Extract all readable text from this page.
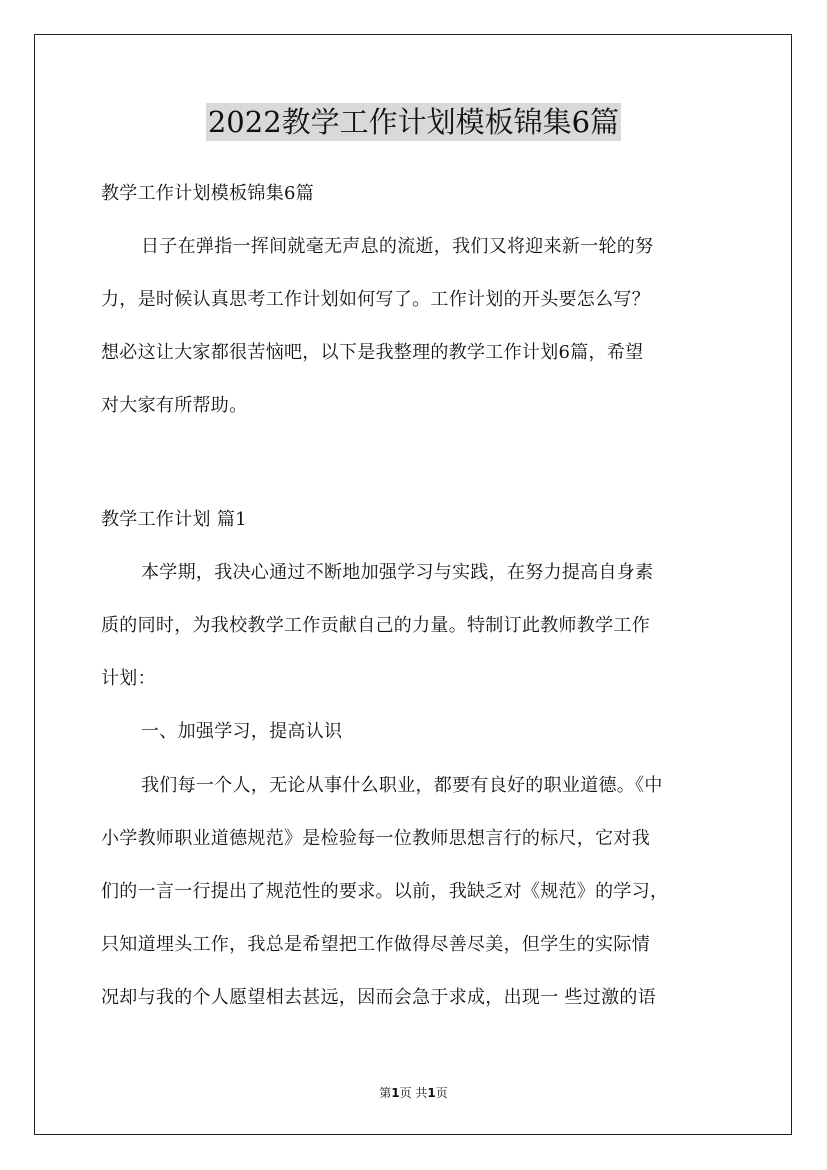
2022教学工作计划模板锦集6篇
教学工作计划模板锦集6篇
日子在弹指一挥间就毫无声息的流逝，我们又将迎来新一轮的努
力，是时候认真思考工作计划如何写了。工作计划的开头要怎么写？
想必这让大家都很苦恼吧，以下是我整理的教学工作计划6篇，希望
对大家有所帮助。
教学工作计划 篇1
本学期，我决心通过不断地加强学习与实践，在努力提高自身素
质的同时，为我校教学工作贡献自己的力量。特制订此教师教学工作
计划：
一、加强学习，提高认识
我们每一个人，无论从事什么职业，都要有良好的职业道德。《中
小学教师职业道德规范》是检验每一位教师思想言行的标尺，它对我
们的一言一行提出了规范性的要求。以前，我缺乏对《规范》的学习，
只知道埋头工作，我总是希望把工作做得尽善尽美，但学生的实际情
况却与我的个人愿望相去甚远，因而会急于求成，出现一 些过激的语
第1页 共1页
